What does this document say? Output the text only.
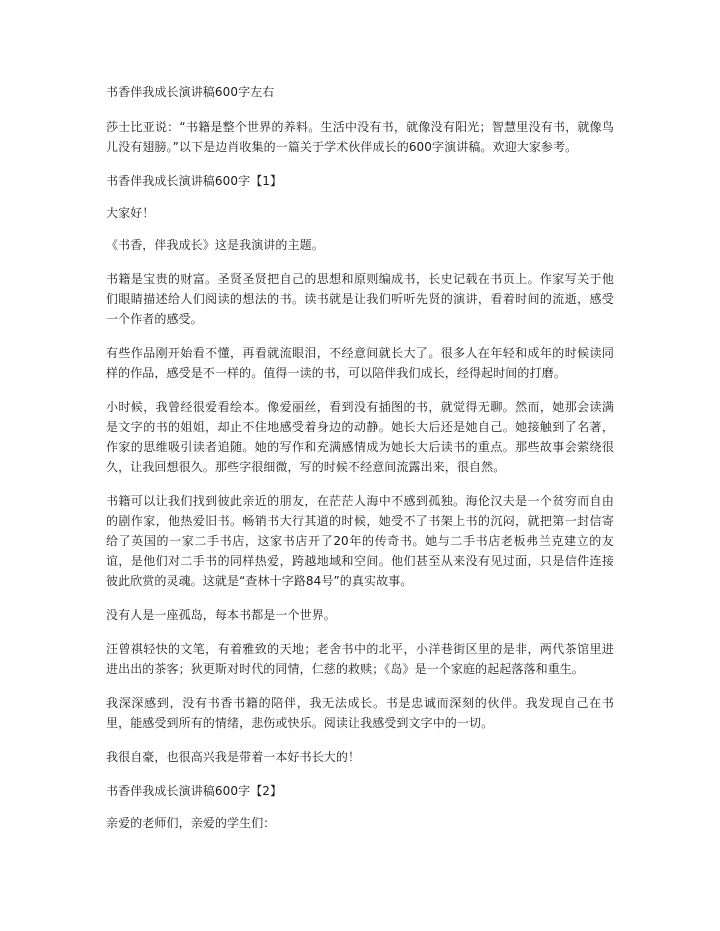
书香伴我成长演讲稿600字左右

莎士比亚说：“书籍是整个世界的养料。生活中没有书，就像没有阳光；智慧里没有书，就像鸟儿没有翅膀。”以下是边肖收集的一篇关于学术伙伴成长的600字演讲稿。欢迎大家参考。

书香伴我成长演讲稿600字【1】

大家好！

《书香，伴我成长》这是我演讲的主题。

书籍是宝贵的财富。圣贤圣贤把自己的思想和原则编成书，长史记载在书页上。作家写关于他们眼睛描述给人们阅读的想法的书。读书就是让我们听听先贤的演讲，看着时间的流逝，感受一个作者的感受。

有些作品刚开始看不懂，再看就流眼泪，不经意间就长大了。很多人在年轻和成年的时候读同样的作品，感受是不一样的。值得一读的书，可以陪伴我们成长，经得起时间的打磨。

小时候，我曾经很爱看绘本。像爱丽丝，看到没有插图的书，就觉得无聊。然而，她那会读满是文字的书的姐姐，却止不住地感受着身边的动静。她长大后还是她自己。她接触到了名著，作家的思维吸引读者追随。她的写作和充满感情成为她长大后读书的重点。那些故事会萦绕很久，让我回想很久。那些字很细微，写的时候不经意间流露出来，很自然。

书籍可以让我们找到彼此亲近的朋友，在茫茫人海中不感到孤独。海伦汉夫是一个贫穷而自由的剧作家，他热爱旧书。畅销书大行其道的时候，她受不了书架上书的沉闷，就把第一封信寄给了英国的一家二手书店，这家书店开了20年的传奇书。她与二手书店老板弗兰克建立的友谊，是他们对二手书的同样热爱，跨越地域和空间。他们甚至从来没有见过面，只是信件连接彼此欣赏的灵魂。这就是“查林十字路84号”的真实故事。

没有人是一座孤岛，每本书都是一个世界。

汪曾祺轻快的文笔，有着雅致的天地；老舍书中的北平，小洋巷街区里的是非，两代茶馆里进进出出的茶客；狄更斯对时代的同情，仁慈的救赎；《岛》是一个家庭的起起落落和重生。

我深深感到，没有书香书籍的陪伴，我无法成长。书是忠诚而深刻的伙伴。我发现自己在书里，能感受到所有的情绪，悲伤或快乐。阅读让我感受到文字中的一切。

我很自豪，也很高兴我是带着一本好书长大的！

书香伴我成长演讲稿600字【2】

亲爱的老师们，亲爱的学生们：
